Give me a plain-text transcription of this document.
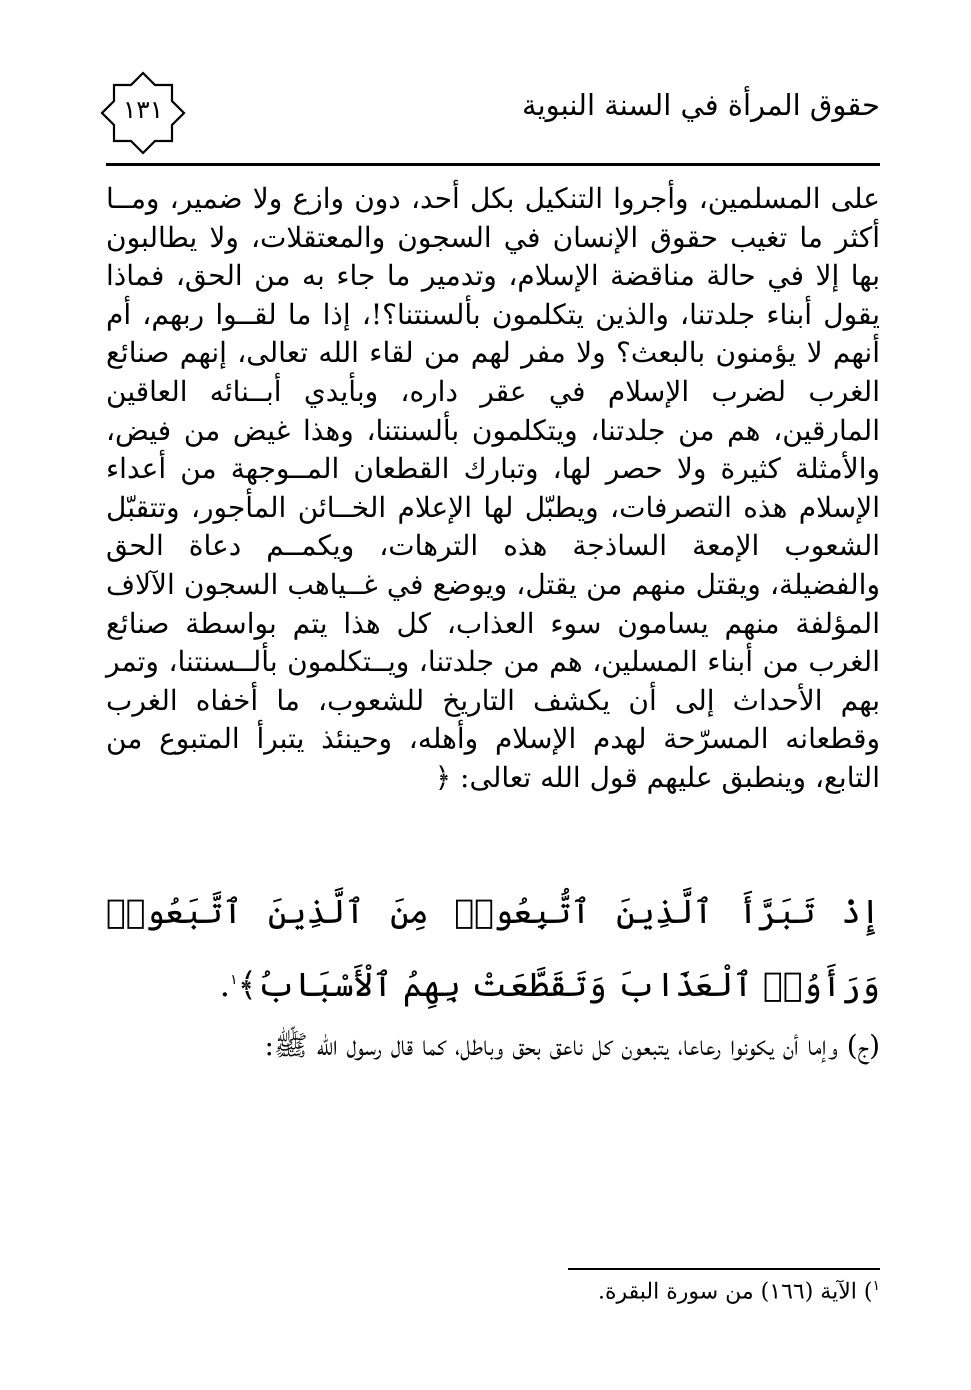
حقوق المرأة في السنة النبوية
١٣١

على المسلمين، وأجروا التنكيل بكل أحد، دون وازع ولا ضمير، ومــا أكثر ما تغيب حقوق الإنسان في السجون والمعتقلات، ولا يطالبون بها إلا في حالة مناقضة الإسلام، وتدمير ما جاء به من الحق، فماذا يقول أبناء جلدتنا، والذين يتكلمون بألسنتنا؟!، إذا ما لقــوا ربهم، أم أنهم لا يؤمنون بالبعث؟ ولا مفر لهم من لقاء الله تعالى، إنهم صنائع الغرب لضرب الإسلام في عقر داره، وبأيدي أبــنائه العاقين المارقين، هم من جلدتنا، ويتكلمون بألسنتنا، وهذا غيض من فيض، والأمثلة كثيرة ولا حصر لها، وتبارك القطعان المــوجهة من أعداء الإسلام هذه التصرفات، ويطبّل لها الإعلام الخــائن المأجور، وتتقبّل الشعوب الإمعة الساذجة هذه الترهات، ويكمــم دعاة الحق والفضيلة، ويقتل منهم من يقتل، ويوضع في غــياهب السجون الآلاف المؤلفة منهم يسامون سوء العذاب، كل هذا يتم بواسطة صنائع الغرب من أبناء المسلين، هم من جلدتنا، ويــتكلمون بألــسنتنا، وتمر بهم الأحداث إلى أن يكشف التاريخ للشعوب، ما أخفاه الغرب وقطعانه المسرّحة لهدم الإسلام وأهله، وحينئذ يتبرأ المتبوع من التابع، وينطبق عليهم قول الله تعالى: ﴿

إِذْ تَبَرَّأَ ٱلَّذِينَ ٱتُّبِعُوا۟ مِنَ ٱلَّذِينَ ٱتَّبَعُوا۟ وَرَأَوُا۟ ٱلْعَذَابَ وَتَقَطَّعَتْ بِهِمُ ٱلْأَسْبَابُ﴾$^١$.

(ج) وإما أن يكونوا رعاعا، يتبعون كل ناعق بحق وباطل، كما قال رسول الله ﷺ:

$^١$) الآية (١٦٦) من سورة البقرة.
